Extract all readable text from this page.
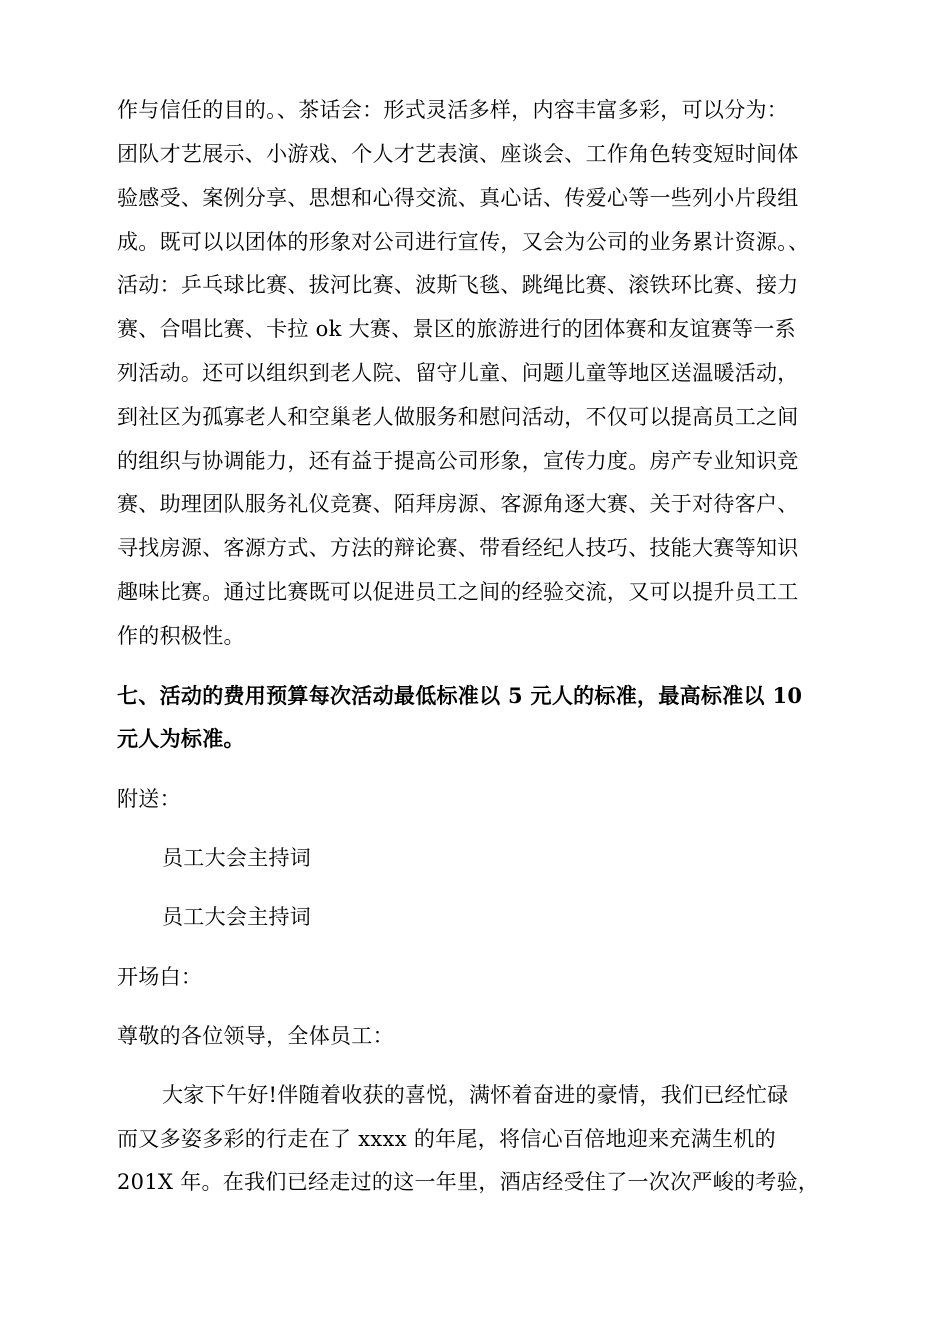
作与信任的目的。、茶话会：形式灵活多样，内容丰富多彩，可以分为：
团队才艺展示、小游戏、个人才艺表演、座谈会、工作角色转变短时间体
验感受、案例分享、思想和心得交流、真心话、传爱心等一些列小片段组
成。既可以以团体的形象对公司进行宣传，又会为公司的业务累计资源。、
活动：乒乓球比赛、拔河比赛、波斯飞毯、跳绳比赛、滚铁环比赛、接力
赛、合唱比赛、卡拉 ok 大赛、景区的旅游进行的团体赛和友谊赛等一系
列活动。还可以组织到老人院、留守儿童、问题儿童等地区送温暖活动，
到社区为孤寡老人和空巢老人做服务和慰问活动，不仅可以提高员工之间
的组织与协调能力，还有益于提高公司形象，宣传力度。房产专业知识竞
赛、助理团队服务礼仪竞赛、陌拜房源、客源角逐大赛、关于对待客户、
寻找房源、客源方式、方法的辩论赛、带看经纪人技巧、技能大赛等知识
趣味比赛。通过比赛既可以促进员工之间的经验交流，又可以提升员工工
作的积极性。
七、活动的费用预算每次活动最低标准以 5 元人的标准，最高标准以 10
元人为标准。
附送：
员工大会主持词
员工大会主持词
开场白：
尊敬的各位领导，全体员工：
大家下午好!伴随着收获的喜悦，满怀着奋进的豪情，我们已经忙碌
而又多姿多彩的行走在了 xxxx 的年尾，将信心百倍地迎来充满生机的
201X 年。在我们已经走过的这一年里，酒店经受住了一次次严峻的考验，
